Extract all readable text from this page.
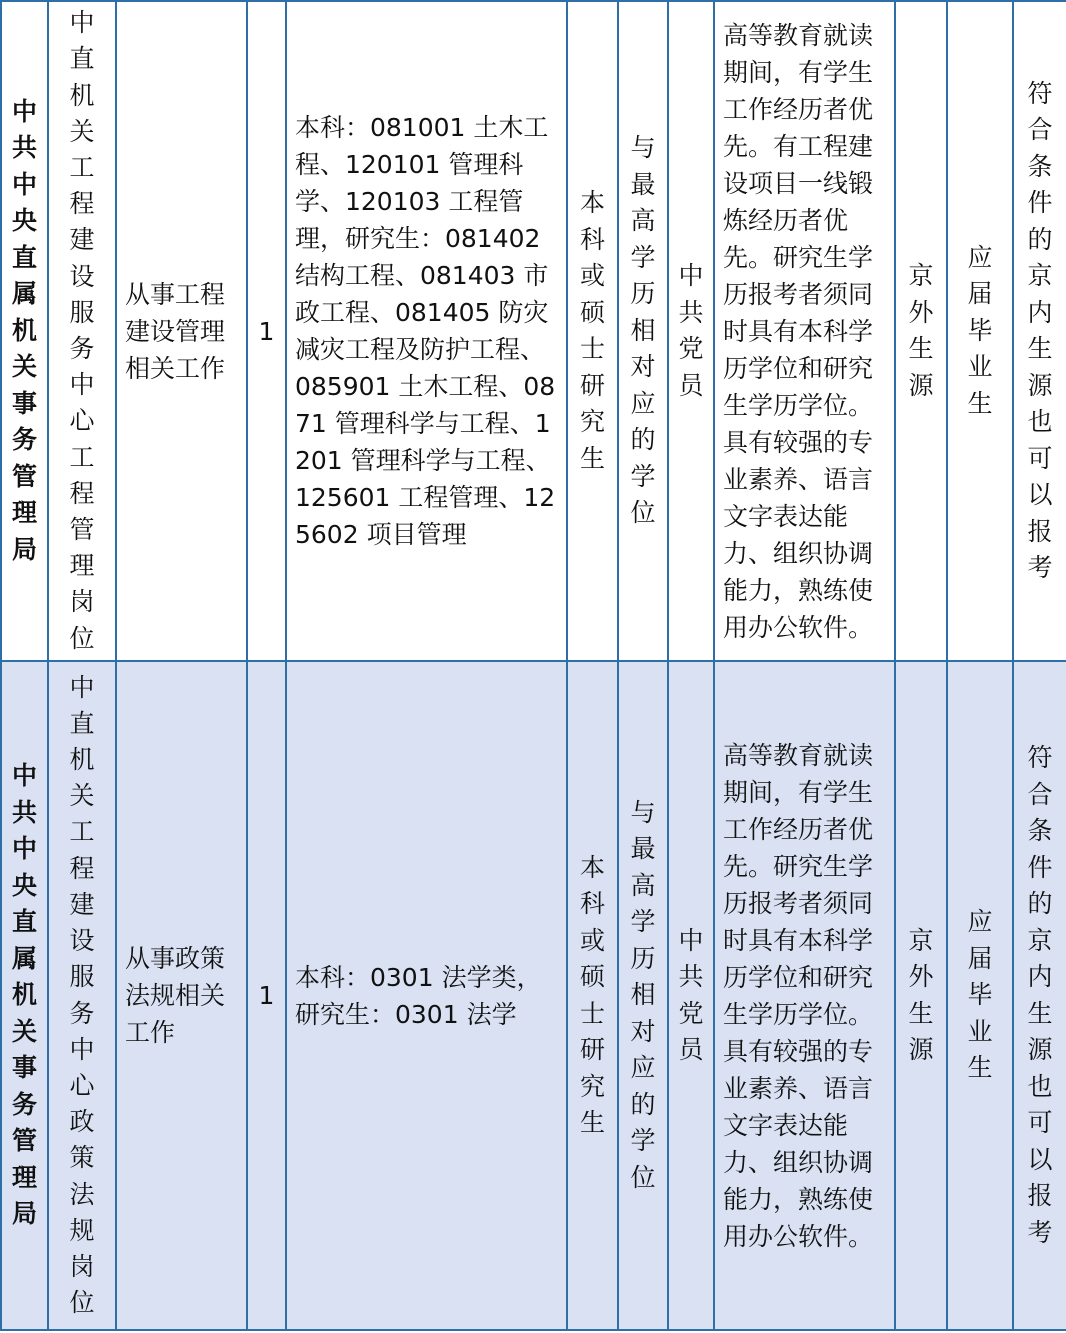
中共中央直属机关事务管理局	中直机关工程建设服务中心工程管理岗位	从事工程建设管理相关工作	1	本科：081001 土木工程、120101 管理科学、120103 工程管理，研究生：081402 结构工程、081403 市政工程、081405 防灾减灾工程及防护工程、085901 土木工程、0871 管理科学与工程、1201 管理科学与工程、125601 工程管理、125602 项目管理	本科或硕士研究生	与最高学历相对应的学位	中共党员	高等教育就读期间，有学生工作经历者优先。有工程建设项目一线锻炼经历者优先。研究生学历报考者须同时具有本科学历学位和研究生学历学位。具有较强的专业素养、语言文字表达能力、组织协调能力，熟练使用办公软件。	京外生源	应届毕业生	符合条件的京内生源也可以报考

中共中央直属机关事务管理局	中直机关工程建设服务中心政策法规岗位	从事政策法规相关工作	1	本科：0301 法学类，研究生：0301 法学	本科或硕士研究生	与最高学历相对应的学位	中共党员	高等教育就读期间，有学生工作经历者优先。研究生学历报考者须同时具有本科学历学位和研究生学历学位。具有较强的专业素养、语言文字表达能力、组织协调能力，熟练使用办公软件。	京外生源	应届毕业生	符合条件的京内生源也可以报考
